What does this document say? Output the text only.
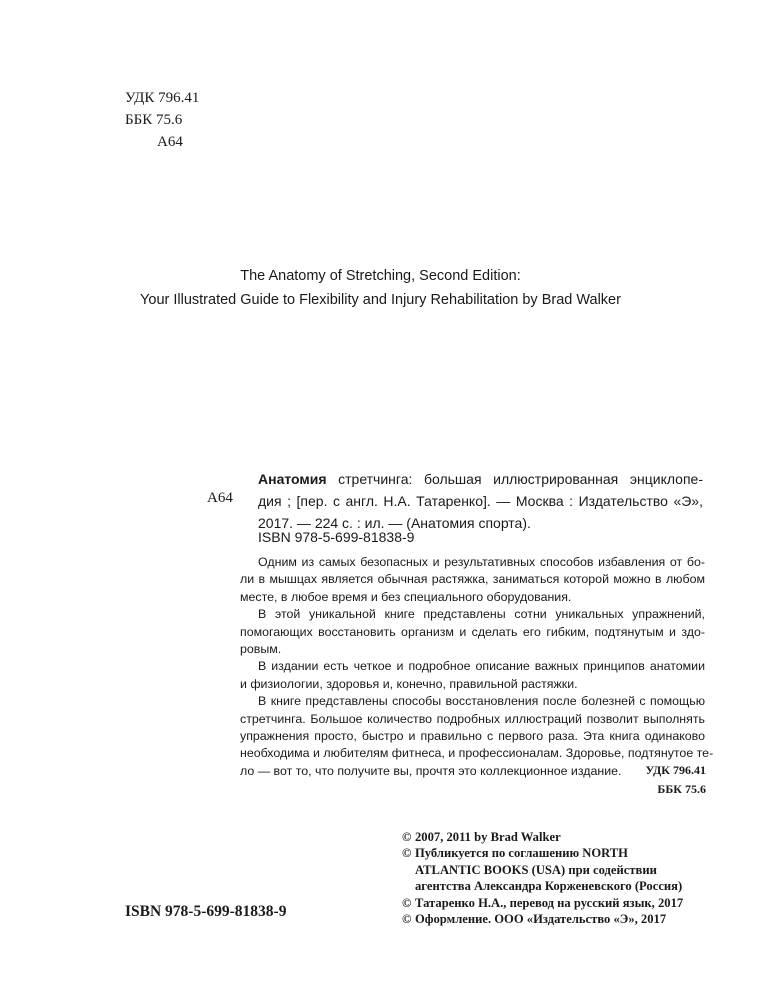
УДК 796.41
ББК 75.6
А64
The Anatomy of Stretching, Second Edition:
Your Illustrated Guide to Flexibility and Injury Rehabilitation by Brad Walker
А64
Анатомия стретчинга: большая иллюстрированная энциклопе-
дия ; [пер. с англ. Н.А. Татаренко]. — Москва : Издательство «Э»,
2017. — 224 с. : ил. — (Анатомия спорта).
ISBN 978-5-699-81838-9

Одним из самых безопасных и результативных способов избавления от бо-

ли в мышцах является обычная растяжка, заниматься которой можно в любом

месте, в любое время и без специального оборудования.

В этой уникальной книге представлены сотни уникальных упражнений,

помогающих восстановить организм и сделать его гибким, подтянутым и здо-

ровым.

В издании есть четкое и подробное описание важных принципов анатомии

и физиологии, здоровья и, конечно, правильной растяжки.

В книге представлены способы восстановления после болезней с помощью

стретчинга. Большое количество подробных иллюстраций позволит выполнять

упражнения просто, быстро и правильно с первого раза. Эта книга одинаково

необходима и любителям фитнеса, и профессионалам. Здоровье, подтянутое те-

ло — вот то, что получите вы, прочтя это коллекционное издание.	УДК 796.41
ББК 75.6
ISBN 978-5-699-81838-9
© 2007, 2011 by Brad Walker
© Публикуется по соглашению NORTH
ATLANTIC BOOKS (USA) при содействии
агентства Александра Корженевского (Россия)
© Татаренко Н.А., перевод на русский язык, 2017
© Оформление. ООО «Издательство «Э», 2017
